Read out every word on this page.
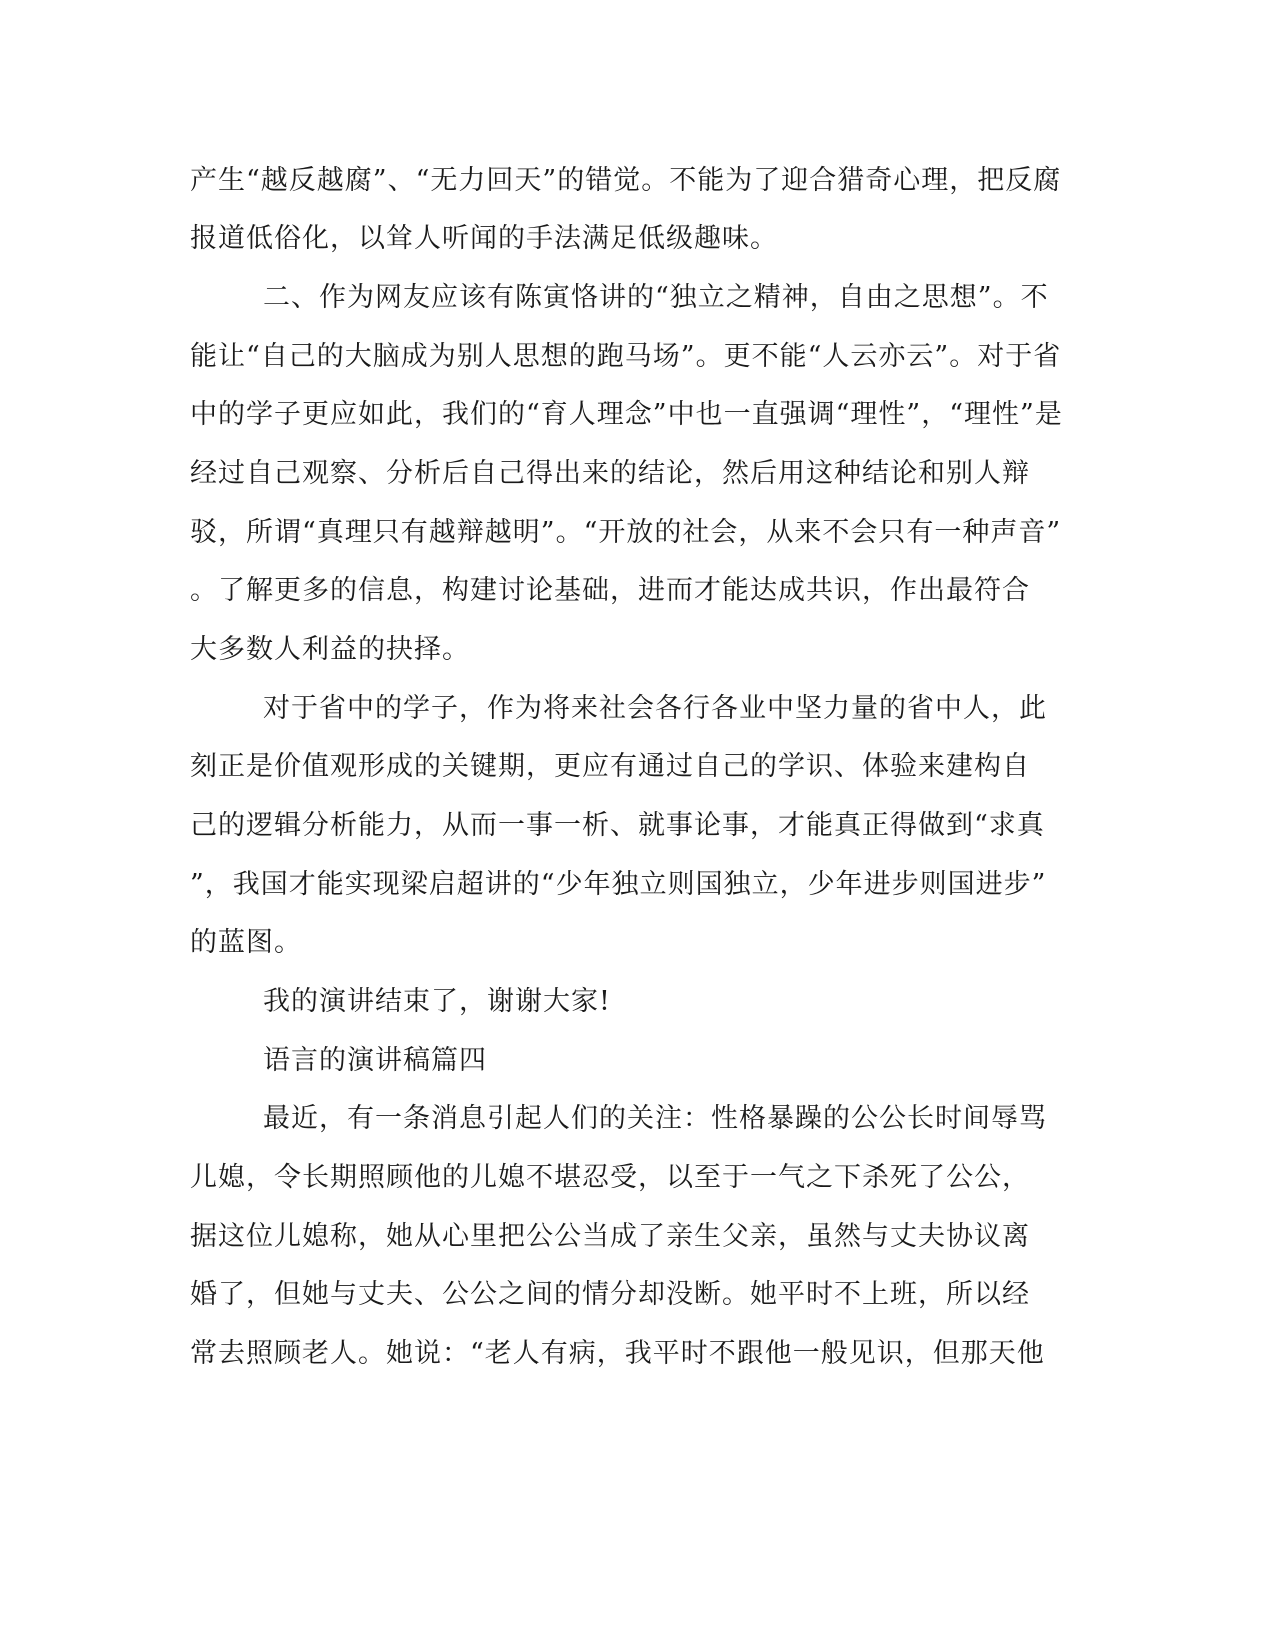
产生“越反越腐”、“无力回天”的错觉。不能为了迎合猎奇心理，把反腐
报道低俗化，以耸人听闻的手法满足低级趣味。
二、作为网友应该有陈寅恪讲的“独立之精神，自由之思想”。不
能让“自己的大脑成为别人思想的跑马场”。更不能“人云亦云”。对于省
中的学子更应如此，我们的“育人理念”中也一直强调“理性”，“理性”是
经过自己观察、分析后自己得出来的结论，然后用这种结论和别人辩
驳，所谓“真理只有越辩越明”。“开放的社会，从来不会只有一种声音”
。了解更多的信息，构建讨论基础，进而才能达成共识，作出最符合
大多数人利益的抉择。
对于省中的学子，作为将来社会各行各业中坚力量的省中人，此
刻正是价值观形成的关键期，更应有通过自己的学识、体验来建构自
己的逻辑分析能力，从而一事一析、就事论事，才能真正得做到“求真
”，我国才能实现梁启超讲的“少年独立则国独立，少年进步则国进步”
的蓝图。
我的演讲结束了，谢谢大家!
语言的演讲稿篇四
最近，有一条消息引起人们的关注：性格暴躁的公公长时间辱骂
儿媳，令长期照顾他的儿媳不堪忍受，以至于一气之下杀死了公公，
据这位儿媳称，她从心里把公公当成了亲生父亲，虽然与丈夫协议离
婚了，但她与丈夫、公公之间的情分却没断。她平时不上班，所以经
常去照顾老人。她说：“老人有病，我平时不跟他一般见识，但那天他
